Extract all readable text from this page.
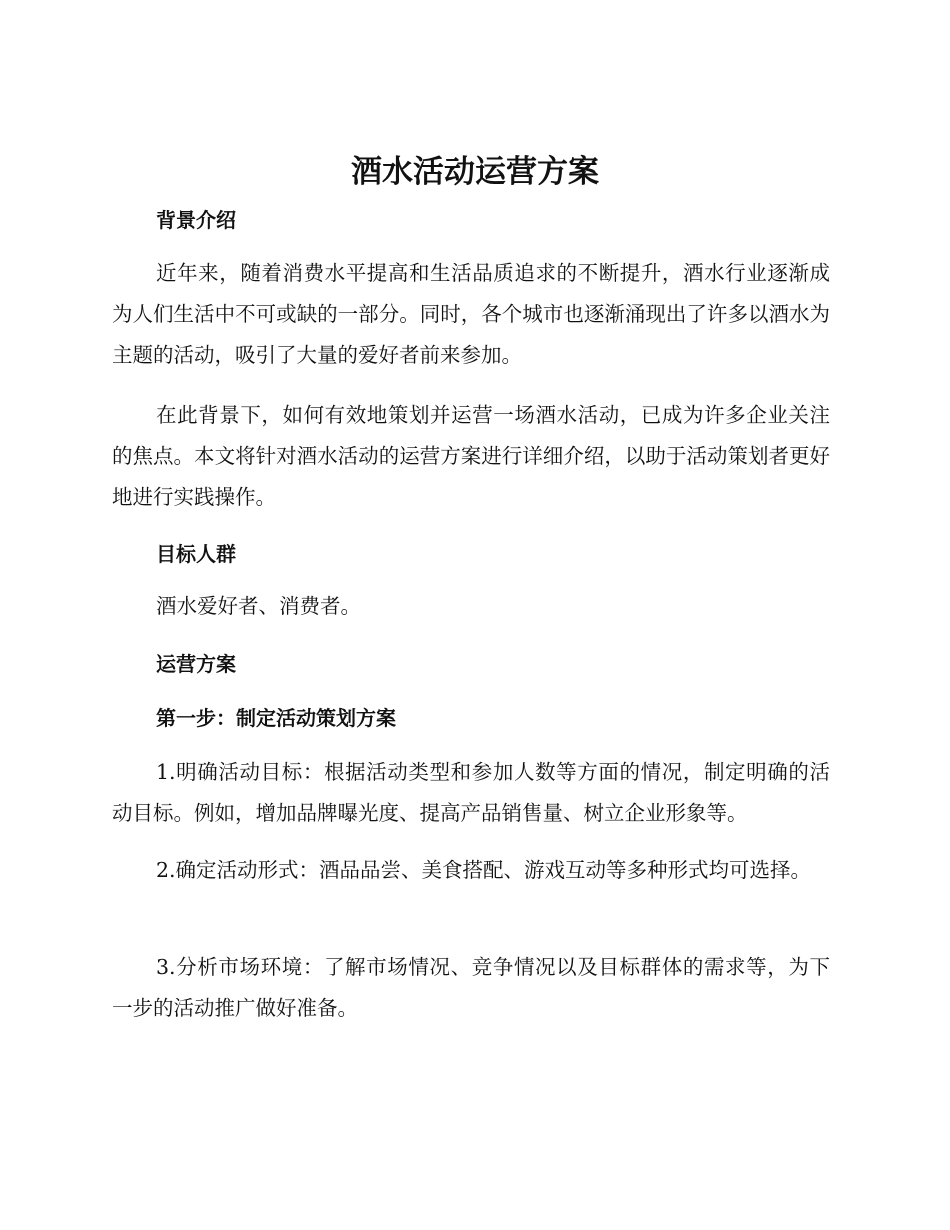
酒水活动运营方案
背景介绍

近年来，随着消费水平提高和生活品质追求的不断提升，酒水行业逐渐成为人们生活中不可或缺的一部分。同时，各个城市也逐渐涌现出了许多以酒水为主题的活动，吸引了大量的爱好者前来参加。

在此背景下，如何有效地策划并运营一场酒水活动，已成为许多企业关注的焦点。本文将针对酒水活动的运营方案进行详细介绍，以助于活动策划者更好地进行实践操作。

目标人群

酒水爱好者、消费者。

运营方案
第一步：制定活动策划方案

1.明确活动目标：根据活动类型和参加人数等方面的情况，制定明确的活动目标。例如，增加品牌曝光度、提高产品销售量、树立企业形象等。

2.确定活动形式：酒品品尝、美食搭配、游戏互动等多种形式均可选择。

3.分析市场环境：了解市场情况、竞争情况以及目标群体的需求等，为下一步的活动推广做好准备。
